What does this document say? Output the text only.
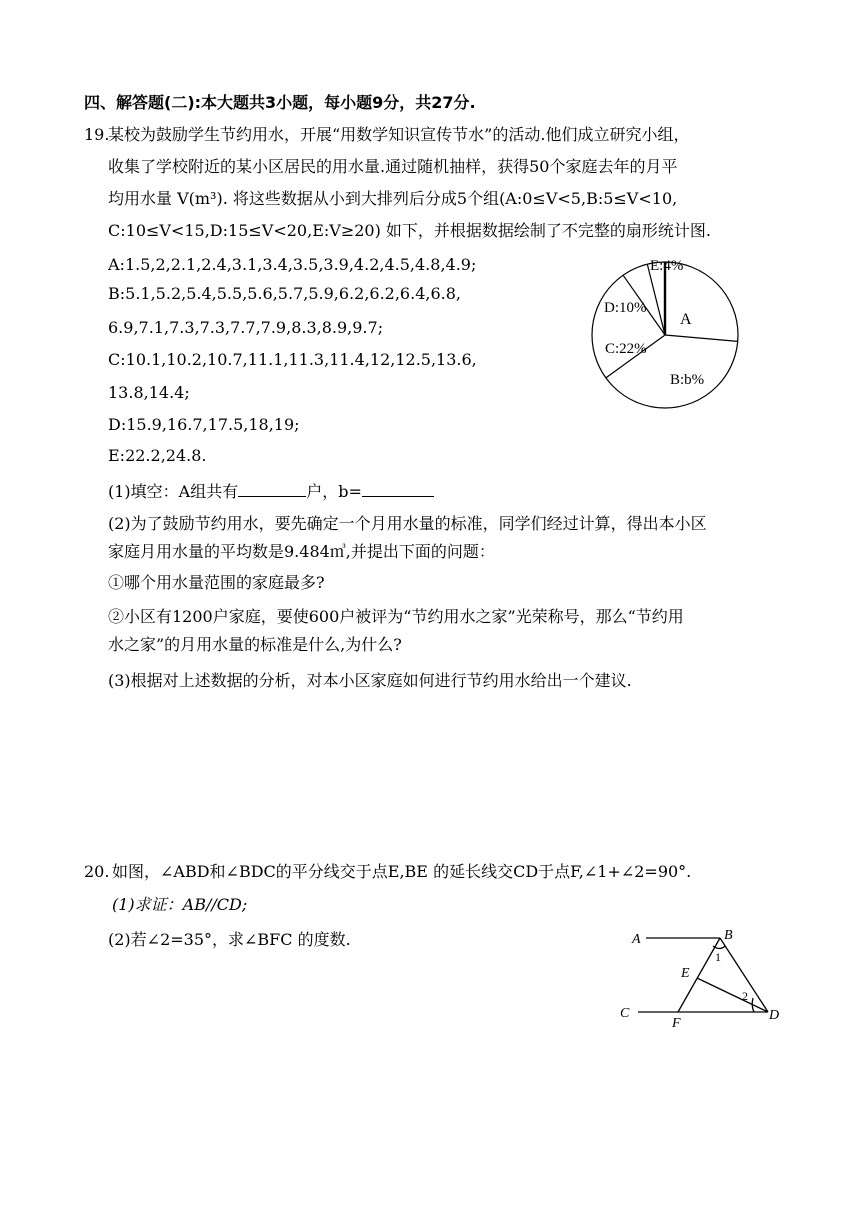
四、解答题(二):本大题共3小题，每小题9分，共27分.
19.
某校为鼓励学生节约用水，开展“用数学知识宣传节水”的活动.他们成立研究小组，
收集了学校附近的某小区居民的用水量.通过随机抽样，获得50个家庭去年的月平
均用水量 V(m³). 将这些数据从小到大排列后分成5个组(A:0≤V<5,B:5≤V<10,
C:10≤V<15,D:15≤V<20,E:V≥20) 如下，并根据数据绘制了不完整的扇形统计图.
A:1.5,2,2.1,2.4,3.1,3.4,3.5,3.9,4.2,4.5,4.8,4.9;
B:5.1,5.2,5.4,5.5,5.6,5.7,5.9,6.2,6.2,6.4,6.8,
6.9,7.1,7.3,7.3,7.7,7.9,8.3,8.9,9.7;
C:10.1,10.2,10.7,11.1,11.3,11.4,12,12.5,13.6,
13.8,14.4;
D:15.9,16.7,17.5,18,19;
E:22.2,24.8.
E:4%
A
B:b%
C:22%
D:10%
(1)填空：A组共有	户，b=
(2)为了鼓励节约用水，要先确定一个月用水量的标准，同学们经过计算，得出本小区
家庭月用水量的平均数是9.484㎥,并提出下面的问题：
①哪个用水量范围的家庭最多?
②小区有1200户家庭，要使600户被评为“节约用水之家”光荣称号，那么“节约用
水之家”的月用水量的标准是什么,为什么?
(3)根据对上述数据的分析，对本小区家庭如何进行节约用水给出一个建议.
20. 如图，∠ABD和∠BDC的平分线交于点E,BE 的延长线交CD于点F,∠1+∠2=90°.
(1)求证：AB//CD;
(2)若∠2=35°，求∠BFC 的度数.	A	B
C	D
E
F
1
2
